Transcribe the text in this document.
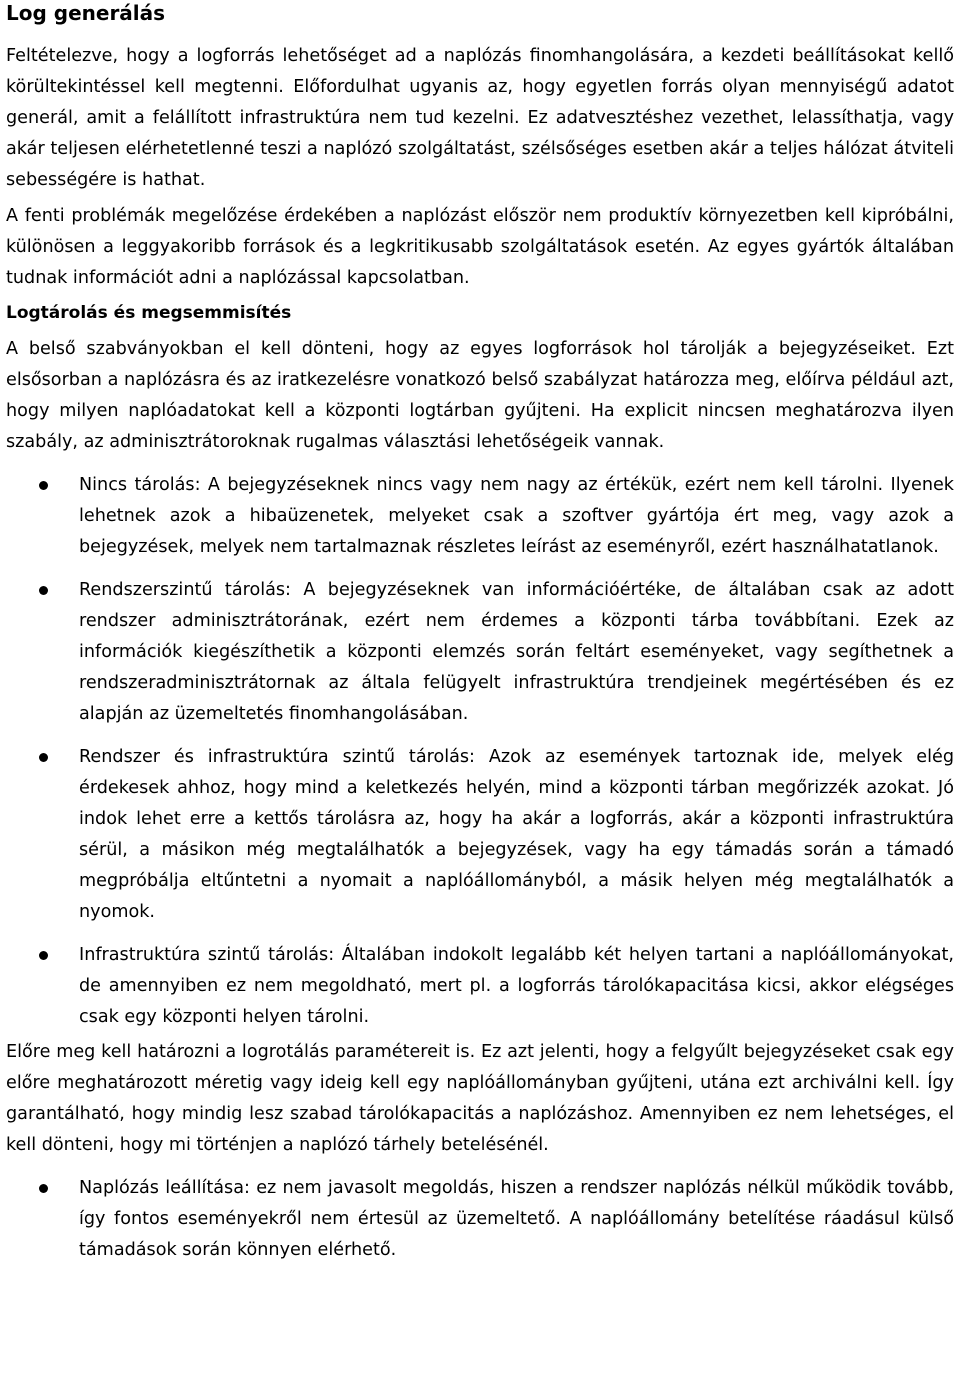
Log generálás

Feltételezve, hogy a logforrás lehetőséget ad a naplózás finomhangolására, a kezdeti beállításokat kellő körültekintéssel kell megtenni. Előfordulhat ugyanis az, hogy egyetlen forrás olyan mennyiségű adatot generál, amit a felállított infrastruktúra nem tud kezelni. Ez adatvesztéshez vezethet, lelassíthatja, vagy akár teljesen elérhetetlenné teszi a naplózó szolgáltatást, szélsőséges esetben akár a teljes hálózat átviteli sebességére is hathat.

A fenti problémák megelőzése érdekében a naplózást először nem produktív környezetben kell kipróbálni, különösen a leggyakoribb források és a legkritikusabb szolgáltatások esetén. Az egyes gyártók általában tudnak információt adni a naplózással kapcsolatban.

Logtárolás és megsemmisítés

A belső szabványokban el kell dönteni, hogy az egyes logforrások hol tárolják a bejegyzéseiket. Ezt elsősorban a naplózásra és az iratkezelésre vonatkozó belső szabályzat határozza meg, előírva például azt, hogy milyen naplóadatokat kell a központi logtárban gyűjteni. Ha explicit nincsen meghatározva ilyen szabály, az adminisztrátoroknak rugalmas választási lehetőségeik vannak.

Nincs tárolás: A bejegyzéseknek nincs vagy nem nagy az értékük, ezért nem kell tárolni. Ilyenek lehetnek azok a hibaüzenetek, melyeket csak a szoftver gyártója ért meg, vagy azok a bejegyzések, melyek nem tartalmaznak részletes leírást az eseményről, ezért használhatatlanok.

Rendszerszintű tárolás: A bejegyzéseknek van információértéke, de általában csak az adott rendszer adminisztrátorának, ezért nem érdemes a központi tárba továbbítani. Ezek az információk kiegészíthetik a központi elemzés során feltárt eseményeket, vagy segíthetnek a rendszeradminisztrátornak az általa felügyelt infrastruktúra trendjeinek megértésében és ez alapján az üzemeltetés finomhangolásában.

Rendszer és infrastruktúra szintű tárolás: Azok az események tartoznak ide, melyek elég érdekesek ahhoz, hogy mind a keletkezés helyén, mind a központi tárban megőrizzék azokat. Jó indok lehet erre a kettős tárolásra az, hogy ha akár a logforrás, akár a központi infrastruktúra sérül, a másikon még megtalálhatók a bejegyzések, vagy ha egy támadás során a támadó megpróbálja eltűntetni a nyomait a naplóállományból, a másik helyen még megtalálhatók a nyomok.

Infrastruktúra szintű tárolás: Általában indokolt legalább két helyen tartani a naplóállományokat, de amennyiben ez nem megoldható, mert pl. a logforrás tárolókapacitása kicsi, akkor elégséges csak egy központi helyen tárolni.

Előre meg kell határozni a logrotálás paramétereit is. Ez azt jelenti, hogy a felgyűlt bejegyzéseket csak egy előre meghatározott méretig vagy ideig kell egy naplóállományban gyűjteni, utána ezt archiválni kell. Így garantálható, hogy mindig lesz szabad tárolókapacitás a naplózáshoz. Amennyiben ez nem lehetséges, el kell dönteni, hogy mi történjen a naplózó tárhely betelésénél.

Naplózás leállítása: ez nem javasolt megoldás, hiszen a rendszer naplózás nélkül működik tovább, így fontos eseményekről nem értesül az üzemeltető. A naplóállomány betelítése ráadásul külső támadások során könnyen elérhető.
